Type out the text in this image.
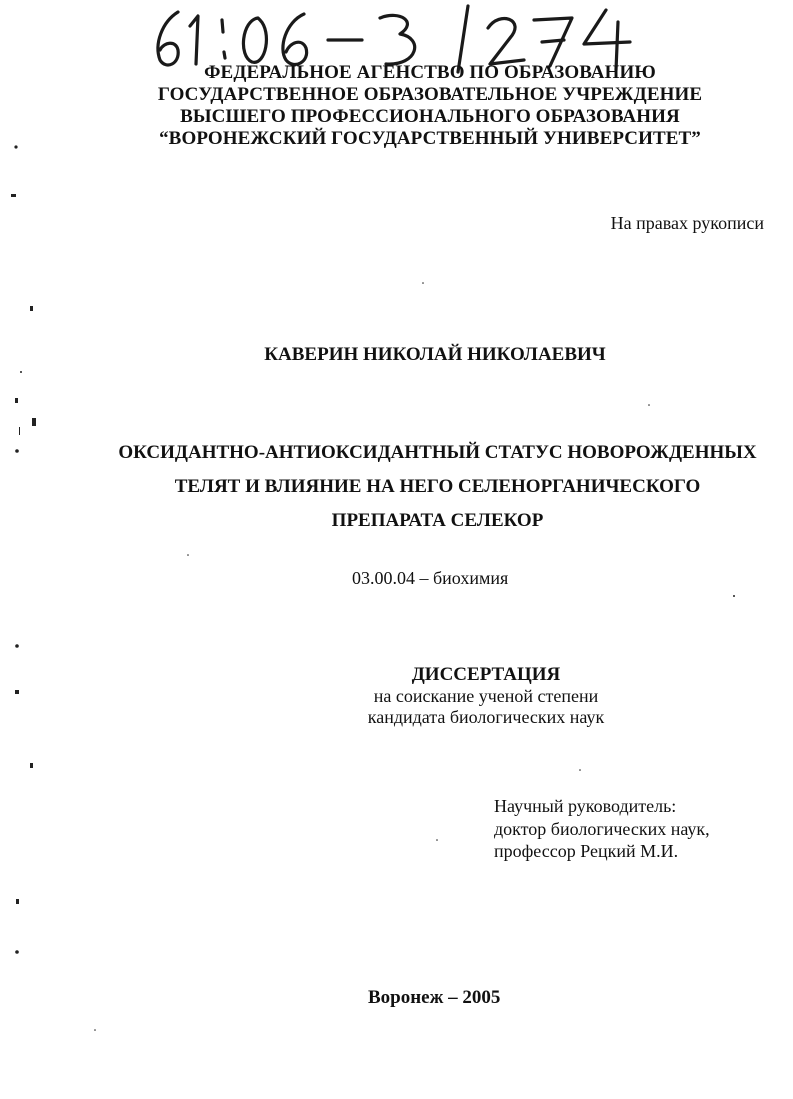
ФЕДЕРАЛЬНОЕ АГЕНСТВО ПО ОБРАЗОВАНИЮ
ГОСУДАРСТВЕННОЕ ОБРАЗОВАТЕЛЬНОЕ УЧРЕЖДЕНИЕ
ВЫСШЕГО ПРОФЕССИОНАЛЬНОГО ОБРАЗОВАНИЯ
“ВОРОНЕЖСКИЙ ГОСУДАРСТВЕННЫЙ УНИВЕРСИТЕТ”
На правах рукописи
КАВЕРИН НИКОЛАЙ НИКОЛАЕВИЧ
ОКСИДАНТНО-АНТИОКСИДАНТНЫЙ СТАТУС НОВОРОЖДЕННЫХ
ТЕЛЯТ И ВЛИЯНИЕ НА НЕГО СЕЛЕНОРГАНИЧЕСКОГО
ПРЕПАРАТА СЕЛЕКОР
03.00.04 – биохимия
ДИССЕРТАЦИЯ
на соискание ученой степени
кандидата биологических наук
Научный руководитель:
доктор биологических наук,
профессор Рецкий М.И.
Воронеж – 2005
